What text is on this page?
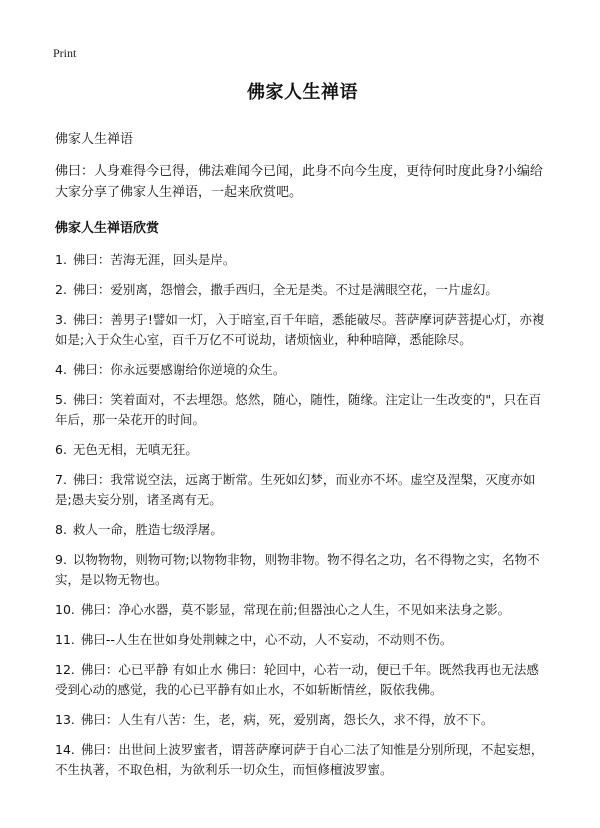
Print
佛家人生禅语

佛家人生禅语

佛曰：人身难得今已得，佛法难闻今已闻，此身不向今生度，更待何时度此身?小编给大家分享了佛家人生禅语，一起来欣赏吧。

佛家人生禅语欣赏

1. 佛曰：苦海无涯，回头是岸。
2. 佛曰：爱别离，怨憎会，撒手西归，全无是类。不过是满眼空花，一片虚幻。
3. 佛曰：善男子!譬如一灯，入于暗室,百千年暗，悉能破尽。菩萨摩诃萨菩提心灯，亦複如是;入于众生心室，百千万亿不可说劫，诸烦恼业，种种暗障，悉能除尽。
4. 佛曰：你永远要感谢给你逆境的众生。
5. 佛曰：笑着面对，不去埋怨。悠然，随心，随性，随缘。注定让一生改变的"，只在百年后，那一朵花开的时间。
6. 无色无相，无嗔无狂。
7. 佛曰：我常说空法，远离于断常。生死如幻梦，而业亦不坏。虚空及涅槃，灭度亦如是;愚夫妄分别，诸圣离有无。
8. 救人一命，胜造七级浮屠。
9. 以物物物，则物可物;以物物非物，则物非物。物不得名之功，名不得物之实，名物不实，是以物无物也。
10. 佛曰：净心水器，莫不影显，常现在前;但器浊心之人生，不见如来法身之影。
11. 佛曰--人生在世如身处荆棘之中，心不动，人不妄动，不动则不伤。
12. 佛曰：心已平静 有如止水 佛曰：轮回中，心若一动，便已千年。既然我再也无法感受到心动的感觉，我的心已平静有如止水，不如斩断情丝，阪依我佛。
13. 佛曰：人生有八苦：生，老，病，死，爱别离，怨长久，求不得，放不下。
14. 佛曰：出世间上波罗蜜者，谓菩萨摩诃萨于自心二法了知惟是分别所现，不起妄想，不生执著，不取色相，为欲利乐一切众生，而恒修檀波罗蜜。
